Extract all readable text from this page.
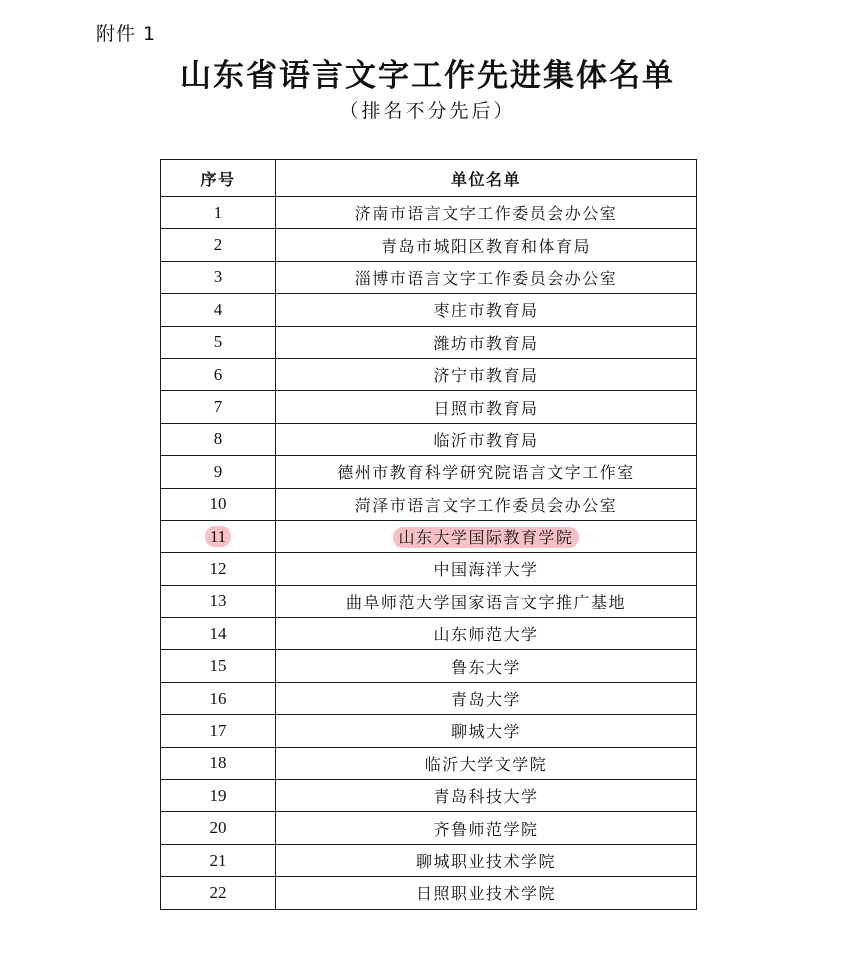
附件 1
山东省语言文字工作先进集体名单
（排名不分先后）
序号	单位名单
1	济南市语言文字工作委员会办公室
2	青岛市城阳区教育和体育局
3	淄博市语言文字工作委员会办公室
4	枣庄市教育局
5	潍坊市教育局
6	济宁市教育局
7	日照市教育局
8	临沂市教育局
9	德州市教育科学研究院语言文字工作室
10	菏泽市语言文字工作委员会办公室
11	山东大学国际教育学院
12	中国海洋大学
13	曲阜师范大学国家语言文字推广基地
14	山东师范大学
15	鲁东大学
16	青岛大学
17	聊城大学
18	临沂大学文学院
19	青岛科技大学
20	齐鲁师范学院
21	聊城职业技术学院
22	日照职业技术学院
